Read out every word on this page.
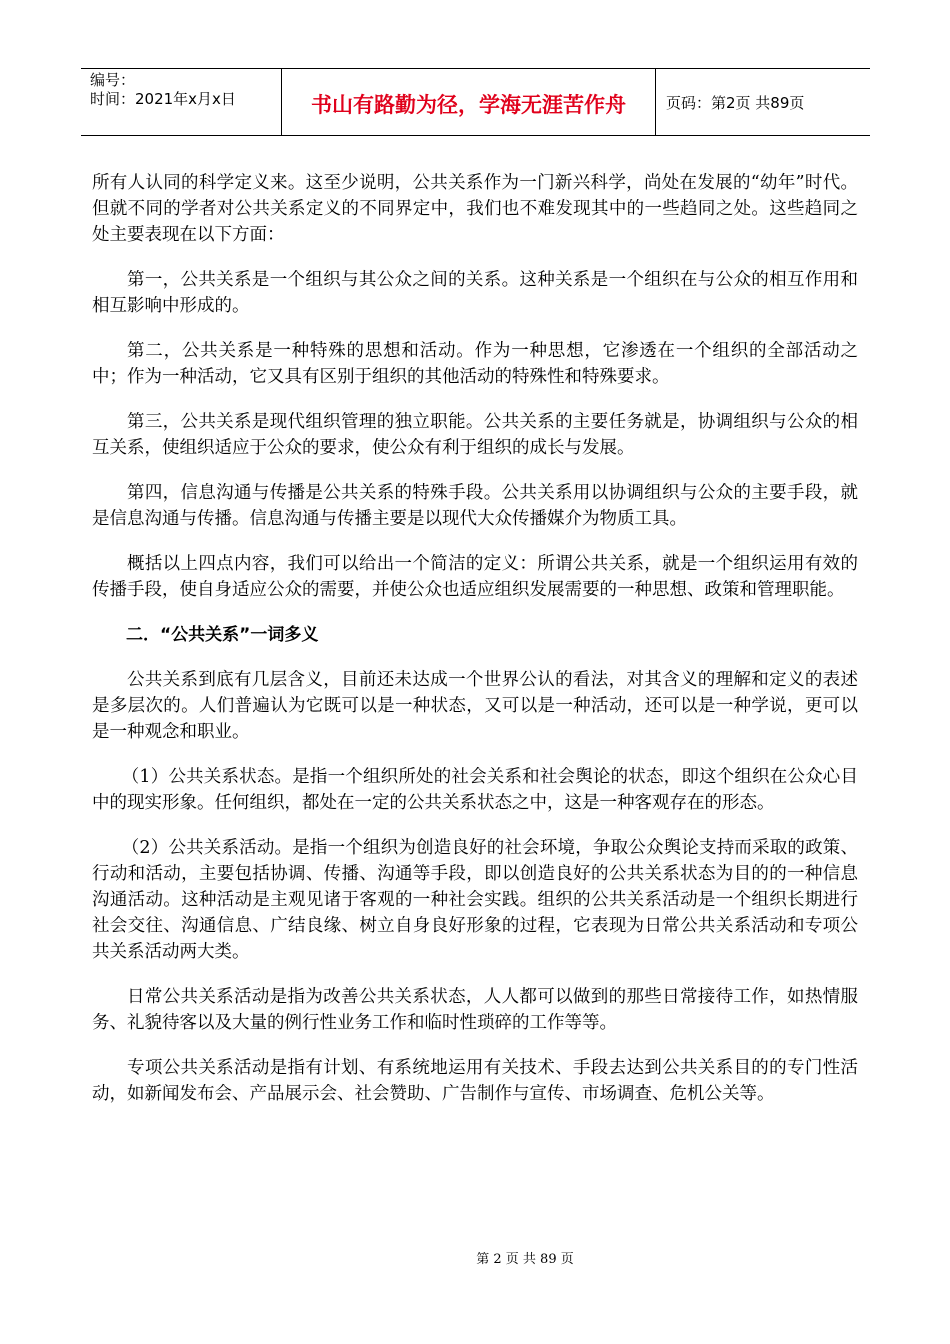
编号：
时间：2021年x月x日	书山有路勤为径，学海无涯苦作舟	页码：第2页 共89页

所有人认同的科学定义来。这至少说明，公共关系作为一门新兴科学，尚处在发展的“幼年”时代。但就不同的学者对公共关系定义的不同界定中，我们也不难发现其中的一些趋同之处。这些趋同之处主要表现在以下方面：

第一，公共关系是一个组织与其公众之间的关系。这种关系是一个组织在与公众的相互作用和相互影响中形成的。

第二，公共关系是一种特殊的思想和活动。作为一种思想，它渗透在一个组织的全部活动之中；作为一种活动，它又具有区别于组织的其他活动的特殊性和特殊要求。

第三，公共关系是现代组织管理的独立职能。公共关系的主要任务就是，协调组织与公众的相互关系，使组织适应于公众的要求，使公众有利于组织的成长与发展。

第四，信息沟通与传播是公共关系的特殊手段。公共关系用以协调组织与公众的主要手段，就是信息沟通与传播。信息沟通与传播主要是以现代大众传播媒介为物质工具。

概括以上四点内容，我们可以给出一个简洁的定义：所谓公共关系，就是一个组织运用有效的传播手段，使自身适应公众的需要，并使公众也适应组织发展需要的一种思想、政策和管理职能。

二．“公共关系”一词多义

公共关系到底有几层含义，目前还未达成一个世界公认的看法，对其含义的理解和定义的表述是多层次的。人们普遍认为它既可以是一种状态，又可以是一种活动，还可以是一种学说，更可以是一种观念和职业。

（1）公共关系状态。是指一个组织所处的社会关系和社会舆论的状态，即这个组织在公众心目中的现实形象。任何组织，都处在一定的公共关系状态之中，这是一种客观存在的形态。

（2）公共关系活动。是指一个组织为创造良好的社会环境，争取公众舆论支持而采取的政策、行动和活动，主要包括协调、传播、沟通等手段，即以创造良好的公共关系状态为目的的一种信息沟通活动。这种活动是主观见诸于客观的一种社会实践。组织的公共关系活动是一个组织长期进行社会交往、沟通信息、广结良缘、树立自身良好形象的过程，它表现为日常公共关系活动和专项公共关系活动两大类。

日常公共关系活动是指为改善公共关系状态，人人都可以做到的那些日常接待工作，如热情服务、礼貌待客以及大量的例行性业务工作和临时性琐碎的工作等等。

专项公共关系活动是指有计划、有系统地运用有关技术、手段去达到公共关系目的的专门性活动，如新闻发布会、产品展示会、社会赞助、广告制作与宣传、市场调查、危机公关等。

第 2 页 共 89 页
